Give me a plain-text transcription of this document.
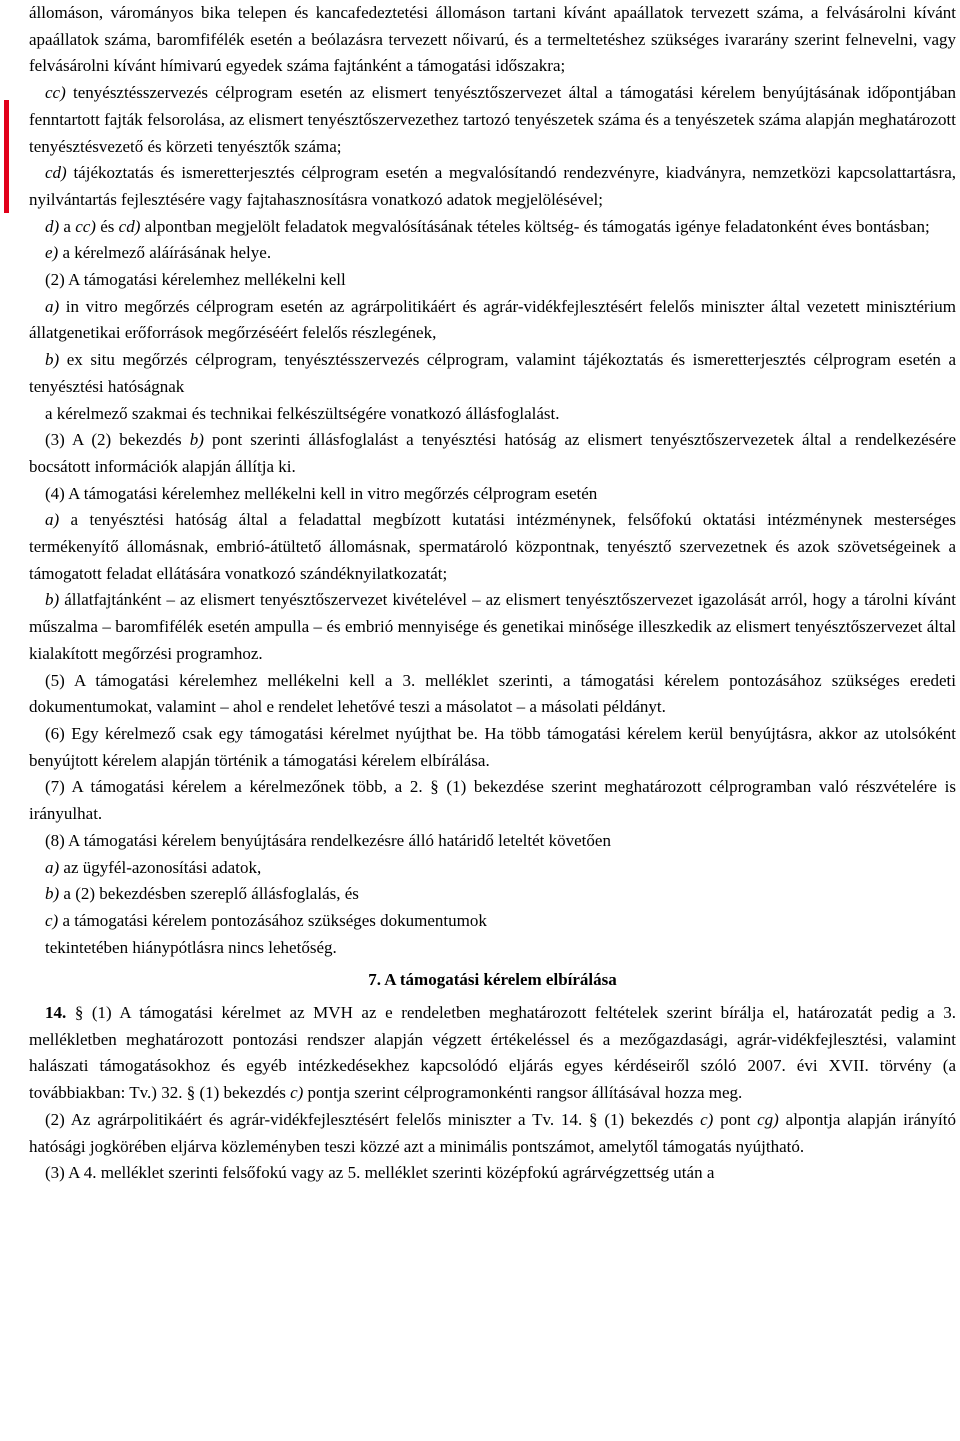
állomáson, várományos bika telepen és kancafedeztetési állomáson tartani kívánt apaállatok tervezett száma, a felvásárolni kívánt apaállatok száma, baromfifélék esetén a beólazásra tervezett nőivarú, és a termeltetéshez szükséges ivararány szerint felnevelni, vagy felvásárolni kívánt hímivarú egyedek száma fajtánként a támogatási időszakra;

cc) tenyésztésszervezés célprogram esetén az elismert tenyésztőszervezet által a támogatási kérelem benyújtásának időpontjában fenntartott fajták felsorolása, az elismert tenyésztőszervezethez tartozó tenyészetek száma és a tenyészetek száma alapján meghatározott tenyésztésvezető és körzeti tenyésztők száma;

cd) tájékoztatás és ismeretterjesztés célprogram esetén a megvalósítandó rendezvényre, kiadványra, nemzetközi kapcsolattartásra, nyilvántartás fejlesztésére vagy fajtahasznosításra vonatkozó adatok megjelölésével;

d) a cc) és cd) alpontban megjelölt feladatok megvalósításának tételes költség- és támogatás igénye feladatonként éves bontásban;

e) a kérelmező aláírásának helye.

(2) A támogatási kérelemhez mellékelni kell

a) in vitro megőrzés célprogram esetén az agrárpolitikáért és agrár-vidékfejlesztésért felelős miniszter által vezetett minisztérium állatgenetikai erőforrások megőrzéséért felelős részlegének,

b) ex situ megőrzés célprogram, tenyésztésszervezés célprogram, valamint tájékoztatás és ismeretterjesztés célprogram esetén a tenyésztési hatóságnak

a kérelmező szakmai és technikai felkészültségére vonatkozó állásfoglalást.

(3) A (2) bekezdés b) pont szerinti állásfoglalást a tenyésztési hatóság az elismert tenyésztőszervezetek által a rendelkezésére bocsátott információk alapján állítja ki.

(4) A támogatási kérelemhez mellékelni kell in vitro megőrzés célprogram esetén

a) a tenyésztési hatóság által a feladattal megbízott kutatási intézménynek, felsőfokú oktatási intézménynek mesterséges termékenyítő állomásnak, embrió-átültető állomásnak, spermatároló központnak, tenyésztő szervezetnek és azok szövetségeinek a támogatott feladat ellátására vonatkozó szándéknyilatkozatát;

b) állatfajtánként – az elismert tenyésztőszervezet kivételével – az elismert tenyésztőszervezet igazolását arról, hogy a tárolni kívánt műszalma – baromfifélék esetén ampulla – és embrió mennyisége és genetikai minősége illeszkedik az elismert tenyésztőszervezet által kialakított megőrzési programhoz.

(5) A támogatási kérelemhez mellékelni kell a 3. melléklet szerinti, a támogatási kérelem pontozásához szükséges eredeti dokumentumokat, valamint – ahol e rendelet lehetővé teszi a másolatot – a másolati példányt.

(6) Egy kérelmező csak egy támogatási kérelmet nyújthat be. Ha több támogatási kérelem kerül benyújtásra, akkor az utolsóként benyújtott kérelem alapján történik a támogatási kérelem elbírálása.

(7) A támogatási kérelem a kérelmezőnek több, a 2. § (1) bekezdése szerint meghatározott célprogramban való részvételére is irányulhat.

(8) A támogatási kérelem benyújtására rendelkezésre álló határidő leteltét követően

a) az ügyfél-azonosítási adatok,

b) a (2) bekezdésben szereplő állásfoglalás, és

c) a támogatási kérelem pontozásához szükséges dokumentumok

tekintetében hiánypótlásra nincs lehetőség.

7. A támogatási kérelem elbírálása

14. § (1) A támogatási kérelmet az MVH az e rendeletben meghatározott feltételek szerint bírálja el, határozatát pedig a 3. mellékletben meghatározott pontozási rendszer alapján végzett értékeléssel és a mezőgazdasági, agrár-vidékfejlesztési, valamint halászati támogatásokhoz és egyéb intézkedésekhez kapcsolódó eljárás egyes kérdéseiről szóló 2007. évi XVII. törvény (a továbbiakban: Tv.) 32. § (1) bekezdés c) pontja szerint célprogramonkénti rangsor állításával hozza meg.

(2) Az agrárpolitikáért és agrár-vidékfejlesztésért felelős miniszter a Tv. 14. § (1) bekezdés c) pont cg) alpontja alapján irányító hatósági jogkörében eljárva közleményben teszi közzé azt a minimális pontszámot, amelytől támogatás nyújtható.

(3) A 4. melléklet szerinti felsőfokú vagy az 5. melléklet szerinti középfokú agrárvégzettség után a
